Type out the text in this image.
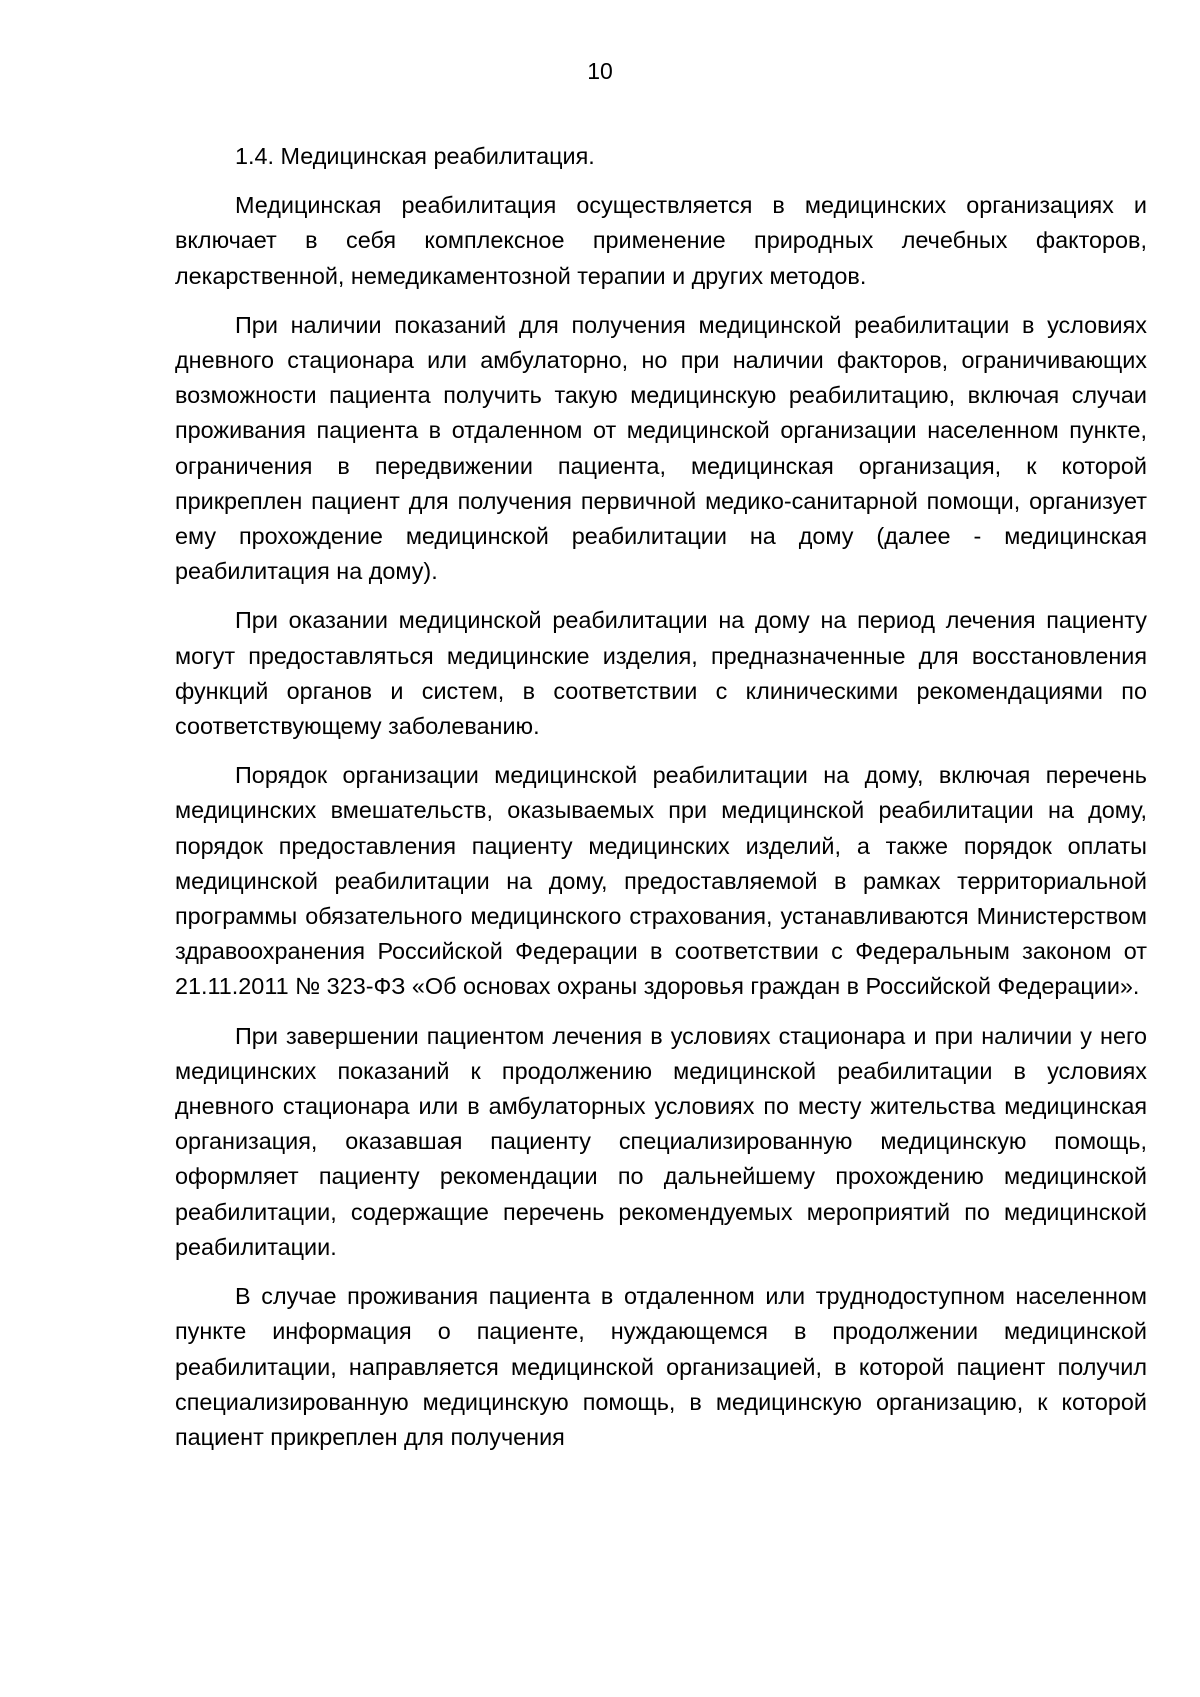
10

1.4. Медицинская реабилитация.

Медицинская реабилитация осуществляется в медицинских организациях и включает в себя комплексное применение природных лечебных факторов, лекарственной, немедикаментозной терапии и других методов.

При наличии показаний для получения медицинской реабилитации в условиях дневного стационара или амбулаторно, но при наличии факторов, ограничивающих возможности пациента получить такую медицинскую реабилитацию, включая случаи проживания пациента в отдаленном от медицинской организации населенном пункте, ограничения в передвижении пациента, медицинская организация, к которой прикреплен пациент для получения первичной медико-санитарной помощи, организует ему прохождение медицинской реабилитации на дому (далее - медицинская реабилитация на дому).

При оказании медицинской реабилитации на дому на период лечения пациенту могут предоставляться медицинские изделия, предназначенные для восстановления функций органов и систем, в соответствии с клиническими рекомендациями по соответствующему заболеванию.

Порядок организации медицинской реабилитации на дому, включая перечень медицинских вмешательств, оказываемых при медицинской реабилитации на дому, порядок предоставления пациенту медицинских изделий, а также порядок оплаты медицинской реабилитации на дому, предоставляемой в рамках территориальной программы обязательного медицинского страхования, устанавливаются Министерством здравоохранения Российской Федерации в соответствии с Федеральным законом от 21.11.2011 № 323-ФЗ «Об основах охраны здоровья граждан в Российской Федерации».

При завершении пациентом лечения в условиях стационара и при наличии у него медицинских показаний к продолжению медицинской реабилитации в условиях дневного стационара или в амбулаторных условиях по месту жительства медицинская организация, оказавшая пациенту специализированную медицинскую помощь, оформляет пациенту рекомендации по дальнейшему прохождению медицинской реабилитации, содержащие перечень рекомендуемых мероприятий по медицинской реабилитации.

В случае проживания пациента в отдаленном или труднодоступном населенном пункте информация о пациенте, нуждающемся в продолжении медицинской реабилитации, направляется медицинской организацией, в которой пациент получил специализированную медицинскую помощь, в медицинскую организацию, к которой пациент прикреплен для получения
